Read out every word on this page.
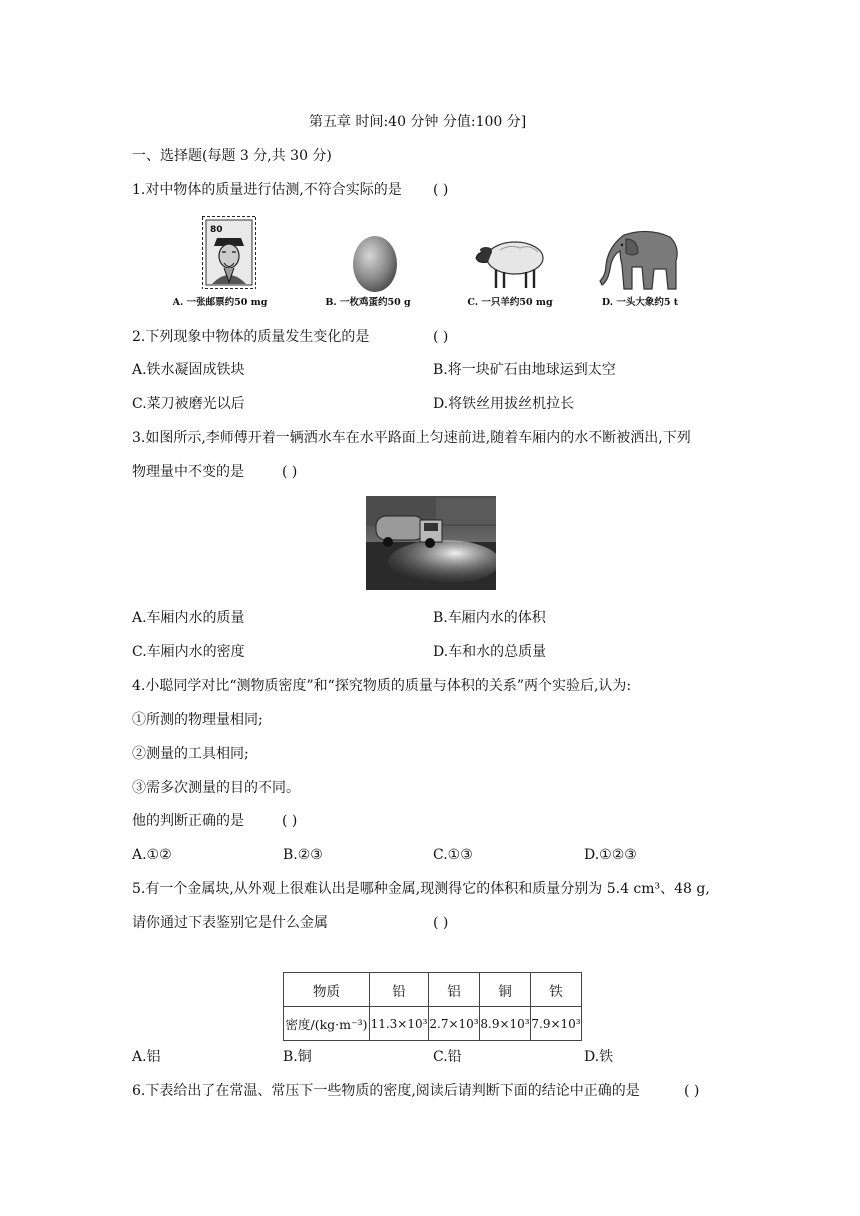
第五章 时间:40 分钟 分值:100 分]
一、选择题(每题 3 分,共 30 分)
1.对中物体的质量进行估测,不符合实际的是 ( )
80
A. 一张邮票约50 mg	B. 一枚鸡蛋约50 g	C. 一只羊约50 mg	D. 一头大象约5 t
2.下列现象中物体的质量发生变化的是	( )
A.铁水凝固成铁块	B.将一块矿石由地球运到太空
C.菜刀被磨光以后	D.将铁丝用拔丝机拉长
3.如图所示,李师傅开着一辆洒水车在水平路面上匀速前进,随着车厢内的水不断被洒出,下列
物理量中不变的是	( )
A.车厢内水的质量	B.车厢内水的体积
C.车厢内水的密度	D.车和水的总质量
4.小聪同学对比“测物质密度”和“探究物质的质量与体积的关系”两个实验后,认为:
①所测的物理量相同;
②测量的工具相同;
③需多次测量的目的不同。
他的判断正确的是	( )
A.①②	B.②③	C.①③	D.①②③
5.有一个金属块,从外观上很难认出是哪种金属,现测得它的体积和质量分别为 5.4 cm³、48 g,
请你通过下表鉴别它是什么金属	( )
物质	铅	铝	铜	铁
密度/(kg·m⁻³)	11.3×10³	2.7×10³	8.9×10³	7.9×10³
A.铝	B.铜	C.铅	D.铁
6.下表给出了在常温、常压下一些物质的密度,阅读后请判断下面的结论中正确的是	( )
